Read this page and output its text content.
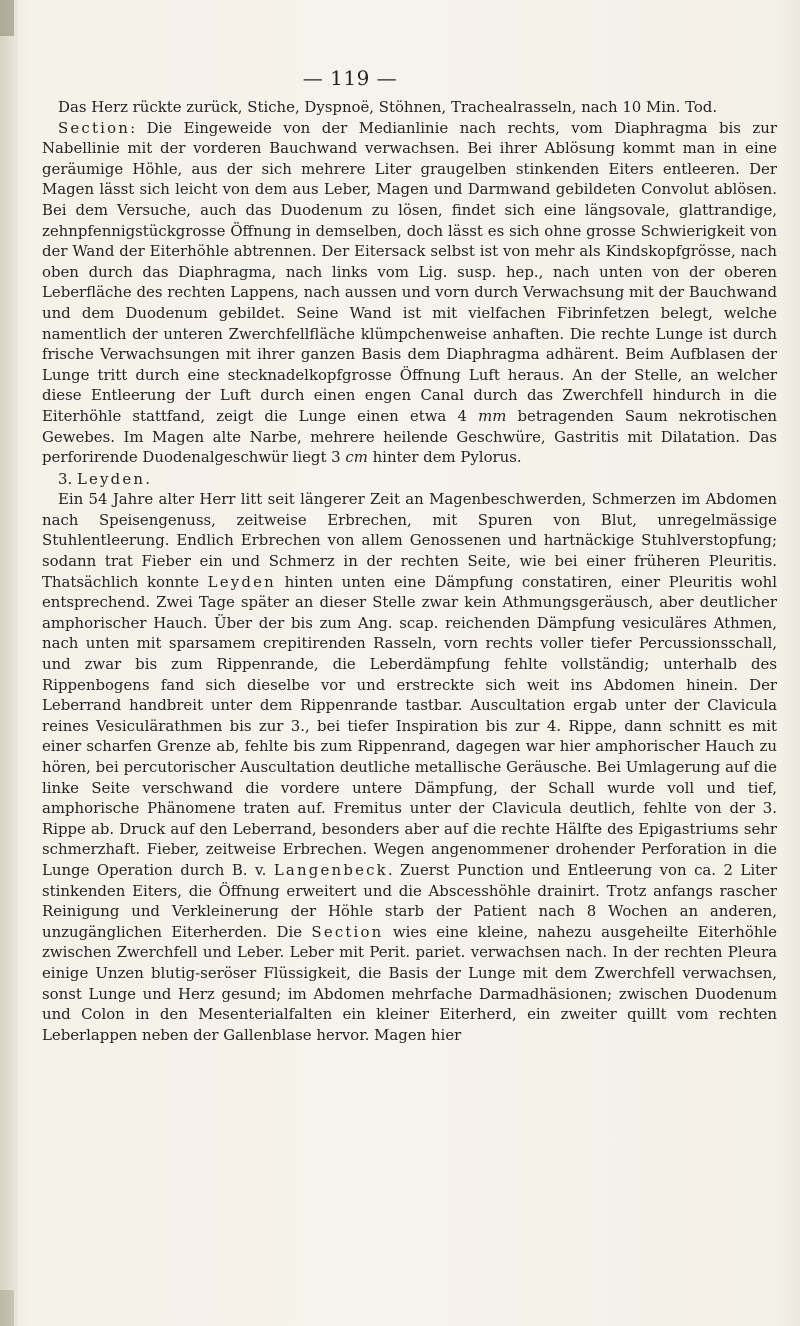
— 119 —

Das Herz rückte zurück, Stiche, Dyspnoë, Stöhnen, Trachealrasseln, nach 10 Min. Tod.

Section: Die Eingeweide von der Medianlinie nach rechts, vom Diaphragma bis zur Nabellinie mit der vorderen Bauchwand verwachsen. Bei ihrer Ablösung kommt man in eine geräumige Höhle, aus der sich mehrere Liter graugelben stinkenden Eiters entleeren. Der Magen lässt sich leicht von dem aus Leber, Magen und Darmwand gebildeten Convolut ablösen. Bei dem Versuche, auch das Duodenum zu lösen, findet sich eine längsovale, glattrandige, zehnpfennigstückgrosse Öffnung in demselben, doch lässt es sich ohne grosse Schwierigkeit von der Wand der Eiterhöhle abtrennen. Der Eitersack selbst ist von mehr als Kindskopfgrösse, nach oben durch das Diaphragma, nach links vom Lig. susp. hep., nach unten von der oberen Leberfläche des rechten Lappens, nach aussen und vorn durch Verwachsung mit der Bauchwand und dem Duodenum gebildet. Seine Wand ist mit vielfachen Fibrinfetzen belegt, welche namentlich der unteren Zwerchfellfläche klümpchenweise anhaften. Die rechte Lunge ist durch frische Verwachsungen mit ihrer ganzen Basis dem Diaphragma adhärent. Beim Aufblasen der Lunge tritt durch eine stecknadelkopfgrosse Öffnung Luft heraus. An der Stelle, an welcher diese Entleerung der Luft durch einen engen Canal durch das Zwerchfell hindurch in die Eiterhöhle stattfand, zeigt die Lunge einen etwa 4 mm betragenden Saum nekrotischen Gewebes. Im Magen alte Narbe, mehrere heilende Geschwüre, Gastritis mit Dilatation. Das perforirende Duodenalgeschwür liegt 3 cm hinter dem Pylorus.

3. Leyden.

Ein 54 Jahre alter Herr litt seit längerer Zeit an Magenbeschwerden, Schmerzen im Abdomen nach Speisengenuss, zeitweise Erbrechen, mit Spuren von Blut, unregelmässige Stuhlentleerung. Endlich Erbrechen von allem Genossenen und hartnäckige Stuhlverstopfung; sodann trat Fieber ein und Schmerz in der rechten Seite, wie bei einer früheren Pleuritis. Thatsächlich konnte Leyden hinten unten eine Dämpfung constatiren, einer Pleuritis wohl entsprechend. Zwei Tage später an dieser Stelle zwar kein Athmungsgeräusch, aber deutlicher amphorischer Hauch. Über der bis zum Ang. scap. reichenden Dämpfung vesiculäres Athmen, nach unten mit sparsamem crepitirenden Rasseln, vorn rechts voller tiefer Percussionsschall, und zwar bis zum Rippenrande, die Leberdämpfung fehlte vollständig; unterhalb des Rippenbogens fand sich dieselbe vor und erstreckte sich weit ins Abdomen hinein. Der Leberrand handbreit unter dem Rippenrande tastbar. Auscultation ergab unter der Clavicula reines Vesiculärathmen bis zur 3., bei tiefer Inspiration bis zur 4. Rippe, dann schnitt es mit einer scharfen Grenze ab, fehlte bis zum Rippenrand, dagegen war hier amphorischer Hauch zu hören, bei percutorischer Auscultation deutliche metallische Geräusche. Bei Umlagerung auf die linke Seite verschwand die vordere untere Dämpfung, der Schall wurde voll und tief, amphorische Phänomene traten auf. Fremitus unter der Clavicula deutlich, fehlte von der 3. Rippe ab. Druck auf den Leberrand, besonders aber auf die rechte Hälfte des Epigastriums sehr schmerzhaft. Fieber, zeitweise Erbrechen. Wegen angenommener drohender Perforation in die Lunge Operation durch B. v. Langenbeck. Zuerst Punction und Entleerung von ca. 2 Liter stinkenden Eiters, die Öffnung erweitert und die Abscesshöhle drainirt. Trotz anfangs rascher Reinigung und Verkleinerung der Höhle starb der Patient nach 8 Wochen an anderen, unzugänglichen Eiterherden. Die Section wies eine kleine, nahezu ausgeheilte Eiterhöhle zwischen Zwerchfell und Leber. Leber mit Perit. pariet. verwachsen nach. In der rechten Pleura einige Unzen blutig-seröser Flüssigkeit, die Basis der Lunge mit dem Zwerchfell verwachsen, sonst Lunge und Herz gesund; im Abdomen mehrfache Darmadhäsionen; zwischen Duodenum und Colon in den Mesenterialfalten ein kleiner Eiterherd, ein zweiter quillt vom rechten Leberlappen neben der Gallenblase hervor. Magen hier
